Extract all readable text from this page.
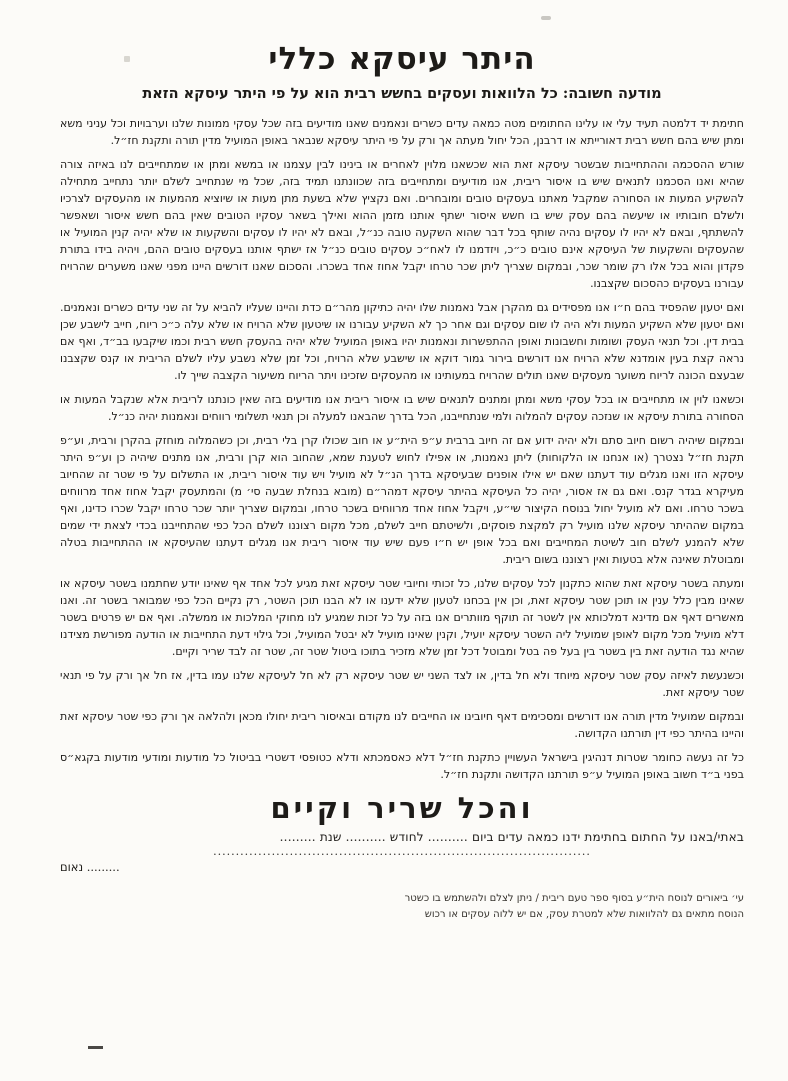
היתר עיסקא כללי
מודעה חשובה: כל הלוואות ועסקים בחשש רבית הוא על פי היתר עיסקא הזאת

חתימת יד דלמטה תעיד עלי או עלינו החתומים מטה כמאה עדים כשרים ונאמנים שאנו מודיעים בזה שכל עסקי ממונות שלנו וערבויות וכל עניני משא ומתן שיש בהם חשש רבית דאורייתא או דרבנן, הכל יחול מעתה אך ורק על פי היתר עיסקא שנבאר באופן המועיל מדין תורה ותקנת חז״ל.

שורש ההסכמה וההתחייבות שבשטר עיסקא זאת הוא שכשאנו מלוין לאחרים או בינינו לבין עצמנו או במשא ומתן או שמתחייבים לנו באיזה צורה שהיא ואנו הסכמנו לתנאים שיש בו איסור ריבית, אנו מודיעים ומתחייבים בזה שכוונתנו תמיד בזה, שכל מי שנתחייב לשלם יותר נתחייב מתחילה להשקיע המעות או הסחורה שמקבל מאתנו בעסקים טובים ומובחרים. ואם נקציץ שלא בשעת מתן מעות או שיוציא מהמעות או מהעסקים לצרכיו ולשלם חובותיו או שיעשה בהם עסק שיש בו חשש איסור ישתף אותנו מזמן ההוא ואילך בשאר עסקיו הטובים שאין בהם חשש איסור ושאפשר להשתתף, ובאם לא יהיו לו עסקים נהיה שותף בכל דבר שהוא השקעה טובה כנ״ל, ובאם לא יהיו לו עסקים והשקעות או שלא יהיה קנין המועיל או שהעסקים והשקעות של העיסקא אינם טובים כ״כ, ויזדמנו לו לאח״כ עסקים טובים כנ״ל אז ישתף אותנו בעסקים טובים ההם, ויהיה בידו בתורת פקדון והוא בכל אלו רק שומר שכר, ובמקום שצריך ליתן שכר טרחו יקבל אחוז אחד בשכרו. והסכום שאנו דורשים היינו מפני שאנו משערים שהרויח עבורנו בעסקים כהסכום שקצבנו.

ואם יטעון שהפסיד בהם ח״ו אנו מפסידים גם מהקרן אבל נאמנות שלו יהיה כתיקון מהר״ם כדת והיינו שעליו להביא על זה שני עדים כשרים ונאמנים. ואם יטעון שלא השקיע המעות ולא היה לו שום עסקים וגם אחר כך לא השקיע עבורנו או שיטעון שלא הרויח או שלא עלה כ״כ ריוח, חייב לישבע שכן בבית דין. וכל תנאי העסק ושומות וחשבונות ואופן ההתפשרות ונאמנות יהיו באופן המועיל שלא יהיה בהעסק חשש רבית וכמו שיקבעו בב״ד, ואף אם נראה קצת בעין אומדנא שלא הרויח אנו דורשים בירור גמור דוקא או שישבע שלא הרויח, וכל זמן שלא נשבע עליו לשלם הריבית או קנס שקצבנו שבעצם הכונה לריוח משוער מעסקים שאנו תולים שהרויח במעותינו או מהעסקים שזכינו ויתר הריוח משיעור הקצבה שייך לו.

וכשאנו לוין או מתחייבים או בכל עסקי משא ומתן ומתנים לתנאים שיש בו איסור ריבית אנו מודיעים בזה שאין כונתנו לריבית אלא שנקבל המעות או הסחורה בתורת עיסקא או שנזכה עסקים להמלוה ולמי שנתחייבנו, הכל בדרך שהבאנו למעלה וכן תנאי תשלומי רווחים ונאמנות יהיה כנ״ל.

ובמקום שיהיה רשום חיוב סתם ולא יהיה ידוע אם זה חיוב ברבית ע״פ הית״ע או חוב שכולו קרן בלי רבית, וכן כשהמלוה מוחזק בהקרן ורבית, וע״פ תקנת חז״ל נצטרך (או אנחנו או הלקוחות) ליתן נאמנות, או אפילו לחוש לטענת שמא, שהחוב הוא קרן ורבית, אנו מתנים שיהיה כן וע״פ היתר עיסקא הזו ואנו מגלים עוד דעתנו שאם יש אילו אופנים שבעיסקא בדרך הנ״ל לא מועיל ויש עוד איסור ריבית, או התשלום על פי שטר זה שהחיוב מעיקרא בגדר קנס. ואם גם אז אסור, יהיה כל העיסקא בהיתר עיסקא דמהר״ם (מובא בנחלת שבעה סי׳ מ) והמתעסק יקבל אחוז אחד מרווחים בשכר טרחו. ואם לא מועיל יחול בנוסח הקיצור שי״ע, ויקבל אחוז אחד מרווחים בשכר טרחו, ובמקום שצריך יותר שכר טרחו יקבל שכרו כדינו, ואף במקום שההיתר עיסקא שלנו מועיל רק למקצת פוסקים, ולשיטתם חייב לשלם, מכל מקום רצוננו לשלם הכל כפי שהתחייבנו בכדי לצאת ידי שמים שלא להמנע לשלם חוב לשיטת המחייבים ואם בכל אופן יש ח״ו פעם שיש עוד איסור ריבית אנו מגלים דעתנו שהעיסקא או ההתחייבות בטלה ומבוטלת שאינה אלא בטעות ואין רצוננו בשום ריבית.

ומעתה בשטר עיסקא זאת שהוא כתקנון לכל עסקים שלנו, כל זכותי וחיובי שטר עיסקא זאת מגיע לכל אחד אף שאינו יודע שחתמנו בשטר עיסקא או שאינו מבין כלל ענין או תוכן שטר עיסקא זאת, וכן אין בכחנו לטעון שלא ידענו או לא הבנו תוכן השטר, רק נקיים הכל כפי שמבואר בשטר זה. ואנו מאשרים דאף אם מדינא דמלכותא אין לשטר זה תוקף מוותרים אנו בזה על כל זכות שמגיע לנו מחוקי המלכות או ממשלה. ואף אם יש פרטים בשטר דלא מועיל מכל מקום לאופן שמועיל ליה השטר עיסקא יועיל, וקנין שאינו מועיל לא יבטל המועיל, וכל גילוי דעת התחייבות או הודעה מפורשת מצידנו שהיא נגד הודעה זאת בין בשטר בין בעל פה בטל ומבוטל דכל זמן שלא מזכיר בתוכו ביטול שטר זה, שטר זה לבד שריר וקיים.

וכשנעשת לאיזה עסק שטר עיסקא מיוחד ולא חל בדין, או לצד השני יש שטר עיסקא רק לא חל לעיסקא שלנו עמו בדין, אז חל אך ורק על פי תנאי שטר עיסקא זאת.

ובמקום שמועיל מדין תורה אנו דורשים ומסכימים דאף חיובינו או החייבים לנו מקודם ובאיסור ריבית יחולו מכאן ולהלאה אך ורק כפי שטר עיסקא זאת והיינו בהיתר כפי דין תורתנו הקדושה.

כל זה נעשה כחומר שטרות דנהיגין בישראל העשויין כתקנת חז״ל דלא כאסמכתא ודלא כטופסי דשטרי בביטול כל מודעות ומודעי מודעות בקגא״ס בפני ב״ד חשוב באופן המועיל ע״פ תורתנו הקדושה ותקנת חז״ל.

והכל שריר וקיים
באתי/באנו על החתום בחתימת ידנו כמאה עדים ביום .......... לחודש .......... שנת .........
....................................................................................
נאום .........
עי׳ ביאורים לנוסח הית״ע בסוף ספר טעם ריבית / ניתן לצלם ולהשתמש בו כשטר
הנוסח מתאים גם להלוואות שלא למטרת עסק, אם יש ללוה עסקים או רכוש
